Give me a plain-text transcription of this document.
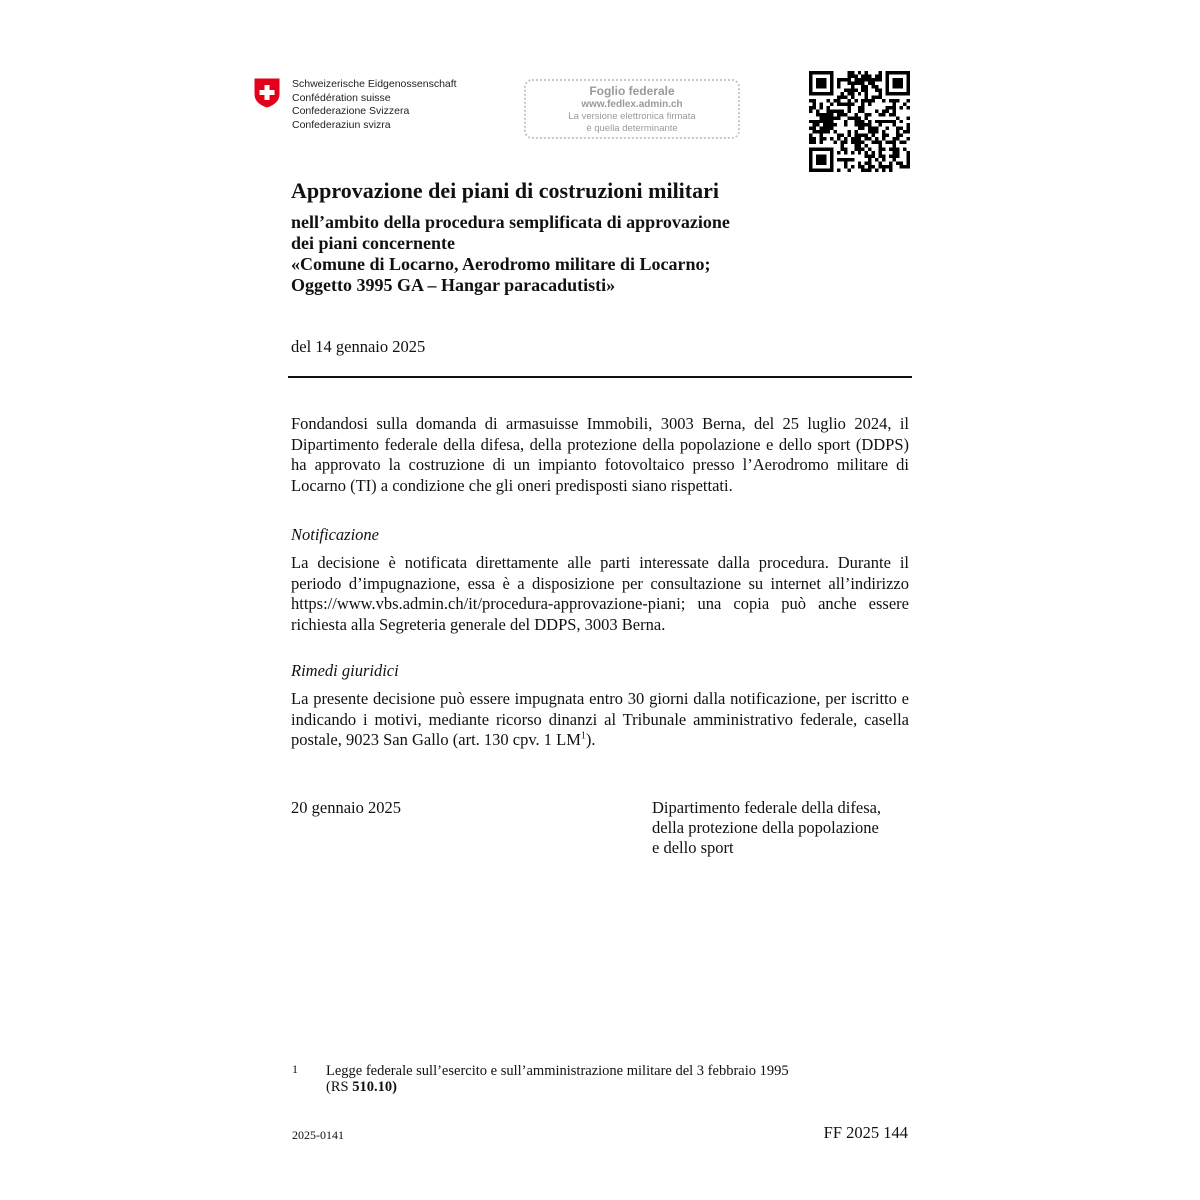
Schweizerische Eidgenossenschaft
Confédération suisse
Confederazione Svizzera
Confederaziun svizra
Foglio federale
www.fedlex.admin.ch
La versione elettronica firmata
è quella determinante
Approvazione dei piani di costruzioni militari
nell’ambito della procedura semplificata di approvazione
dei piani concernente
«Comune di Locarno, Aerodromo militare di Locarno;
Oggetto 3995 GA – Hangar paracadutisti»
del 14 gennaio 2025
Fondandosi sulla domanda di armasuisse Immobili, 3003 Berna, del 25 luglio 2024, il Dipartimento federale della difesa, della protezione della popolazione e dello sport (DDPS) ha approvato la costruzione di un impianto fotovoltaico presso l’Aerodromo militare di Locarno (TI) a condizione che gli oneri predisposti siano rispettati.
Notificazione
La decisione è notificata direttamente alle parti interessate dalla procedura. Durante il periodo d’impugnazione, essa è a disposizione per consultazione su internet all’indirizzo https://www.vbs.admin.ch/it/procedura-approvazione-piani; una copia può anche essere richiesta alla Segreteria generale del DDPS, 3003 Berna.
Rimedi giuridici
La presente decisione può essere impugnata entro 30 giorni dalla notificazione, per iscritto e indicando i motivi, mediante ricorso dinanzi al Tribunale amministrativo federale, casella postale, 9023 San Gallo (art. 130 cpv. 1 $LM^1$).
20 gennaio 2025	Dipartimento federale della difesa,
della protezione della popolazione
e dello sport
1 Legge federale sull’esercito e sull’amministrazione militare del 3 febbraio 1995
(RS 510.10)
2025-0141	FF 2025 144
